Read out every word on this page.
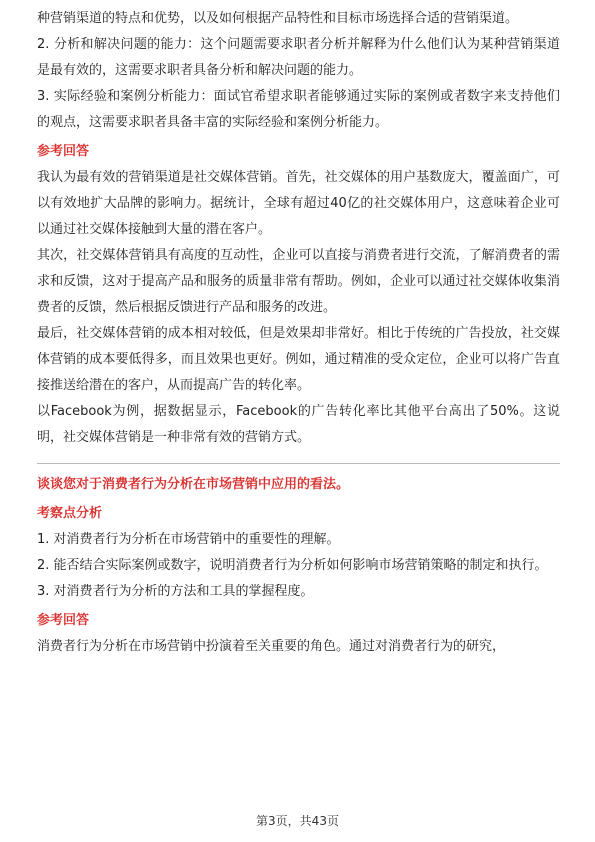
种营销渠道的特点和优势，以及如何根据产品特性和目标市场选择合适的营销渠道。

2. 分析和解决问题的能力：这个问题需要求职者分析并解释为什么他们认为某种营销渠道是最有效的，这需要求职者具备分析和解决问题的能力。

3. 实际经验和案例分析能力：面试官希望求职者能够通过实际的案例或者数字来支持他们的观点，这需要求职者具备丰富的实际经验和案例分析能力。

参考回答

我认为最有效的营销渠道是社交媒体营销。首先，社交媒体的用户基数庞大，覆盖面广，可以有效地扩大品牌的影响力。据统计，全球有超过40亿的社交媒体用户，这意味着企业可以通过社交媒体接触到大量的潜在客户。

其次，社交媒体营销具有高度的互动性，企业可以直接与消费者进行交流，了解消费者的需求和反馈，这对于提高产品和服务的质量非常有帮助。例如，企业可以通过社交媒体收集消费者的反馈，然后根据反馈进行产品和服务的改进。

最后，社交媒体营销的成本相对较低，但是效果却非常好。相比于传统的广告投放，社交媒体营销的成本要低得多，而且效果也更好。例如，通过精准的受众定位，企业可以将广告直接推送给潜在的客户，从而提高广告的转化率。

以Facebook为例，据数据显示，Facebook的广告转化率比其他平台高出了50%。这说明，社交媒体营销是一种非常有效的营销方式。

谈谈您对于消费者行为分析在市场营销中应用的看法。
考察点分析

1. 对消费者行为分析在市场营销中的重要性的理解。

2. 能否结合实际案例或数字，说明消费者行为分析如何影响市场营销策略的制定和执行。

3. 对消费者行为分析的方法和工具的掌握程度。

参考回答

消费者行为分析在市场营销中扮演着至关重要的角色。通过对消费者行为的研究，

第3页，共43页
